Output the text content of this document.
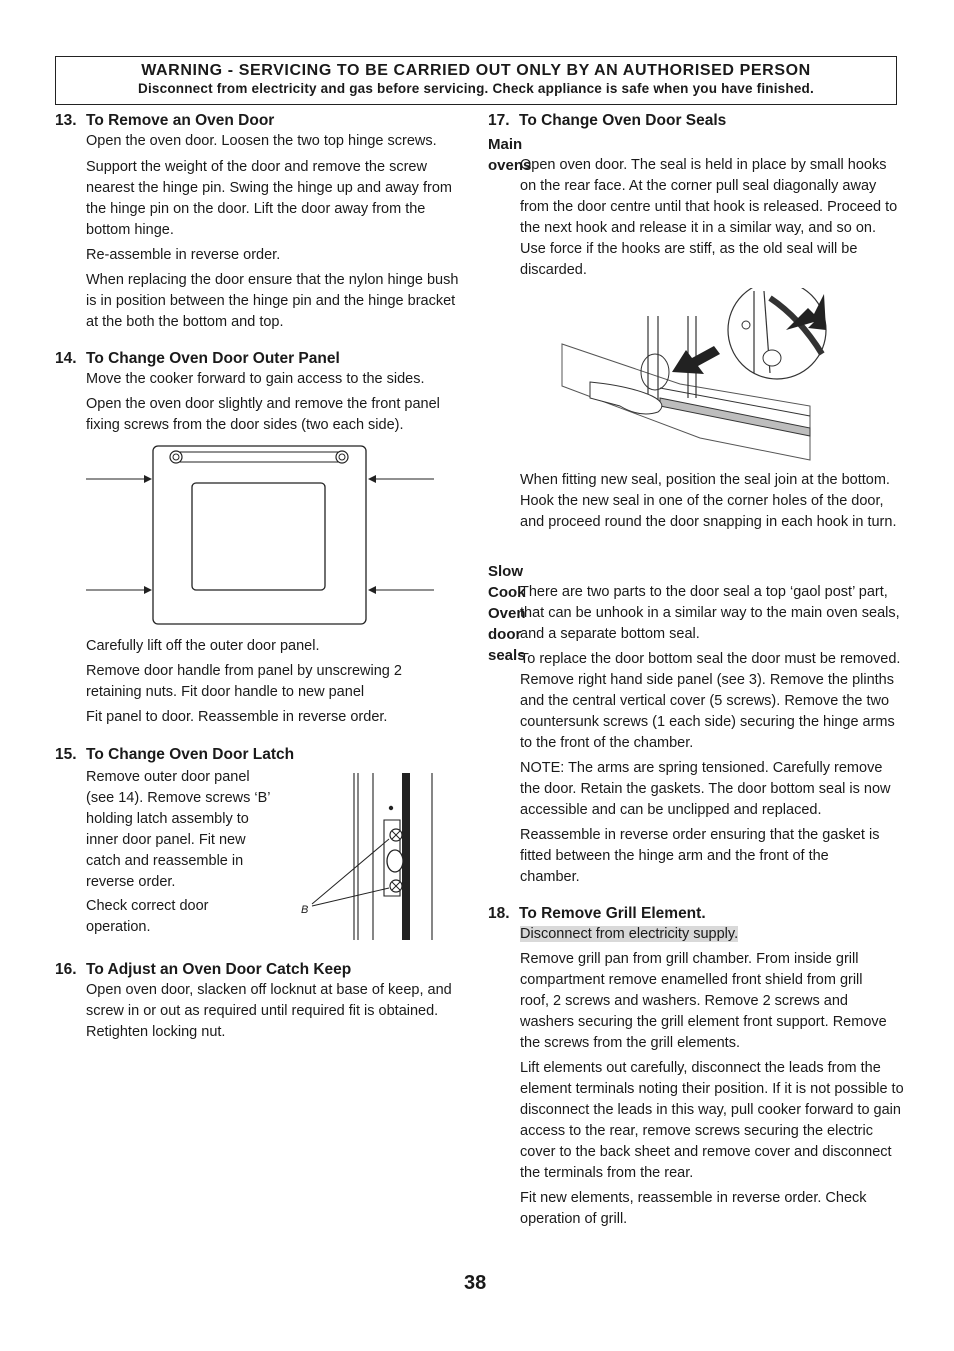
WARNING - SERVICING TO BE CARRIED OUT ONLY BY AN AUTHORISED PERSON
Disconnect from electricity and gas before servicing. Check appliance is safe when you have finished.
13. To Remove an Oven Door
Open the oven door. Loosen the two top hinge screws.
Support the weight of the door and remove the screw nearest the hinge pin. Swing the hinge up and away from the hinge pin on the door. Lift the door away from the bottom hinge.
Re-assemble in reverse order.
When replacing the door ensure that the nylon hinge bush is in position between the hinge pin and the hinge bracket at the both the bottom and top.
14. To Change Oven Door Outer Panel
Move the cooker forward to gain access to the sides.
Open the oven door slightly and remove the front panel fixing screws from the door sides (two each side).
Carefully lift off the outer door panel.
Remove door handle from panel by unscrewing 2 retaining nuts. Fit door handle to new panel
Fit panel to door. Reassemble in reverse order.
15. To Change Oven Door Latch
Remove outer door panel (see 14). Remove screws ‘B’ holding latch assembly to inner door panel. Fit new catch and reassemble in reverse order.
Check correct door operation.
B
16. To Adjust an Oven Door Catch Keep
Open oven door, slacken off locknut at base of keep, and screw in or out as required until required fit is obtained. Retighten locking nut.
17. To Change Oven Door Seals
Main ovens
Open oven door. The seal is held in place by small hooks on the rear face. At the corner pull seal diagonally away from the door centre until that hook is released. Proceed to the next hook and release it in a similar way, and so on. Use force if the hooks are stiff, as the old seal will be discarded.
When fitting new seal, position the seal join at the bottom. Hook the new seal in one of the corner holes of the door, and proceed round the door snapping in each hook in turn.
Slow Cook Oven door seals
There are two parts to the door seal a top ‘gaol post’ part, that can be unhook in a similar way to the main oven seals, and a separate bottom seal.
To replace the door bottom seal the door must be removed. Remove right hand side panel (see 3). Remove the plinths and the central vertical cover (5 screws). Remove the two countersunk screws (1 each side) securing the hinge arms to the front of the chamber.
NOTE: The arms are spring tensioned. Carefully remove the door. Retain the gaskets. The door bottom seal is now accessible and can be unclipped and replaced.
Reassemble in reverse order ensuring that the gasket is fitted between the hinge arm and the front of the chamber.
18. To Remove Grill Element.
Disconnect from electricity supply.
Remove grill pan from grill chamber. From inside grill compartment remove enamelled front shield from grill roof, 2 screws and washers. Remove 2 screws and washers securing the grill element front support. Remove the screws from the grill elements.
Lift elements out carefully, disconnect the leads from the element terminals noting their position. If it is not possible to disconnect the leads in this way, pull cooker forward to gain access to the rear, remove screws securing the electric cover to the back sheet and remove cover and disconnect the terminals from the rear.
Fit new elements, reassemble in reverse order. Check operation of grill.
38
